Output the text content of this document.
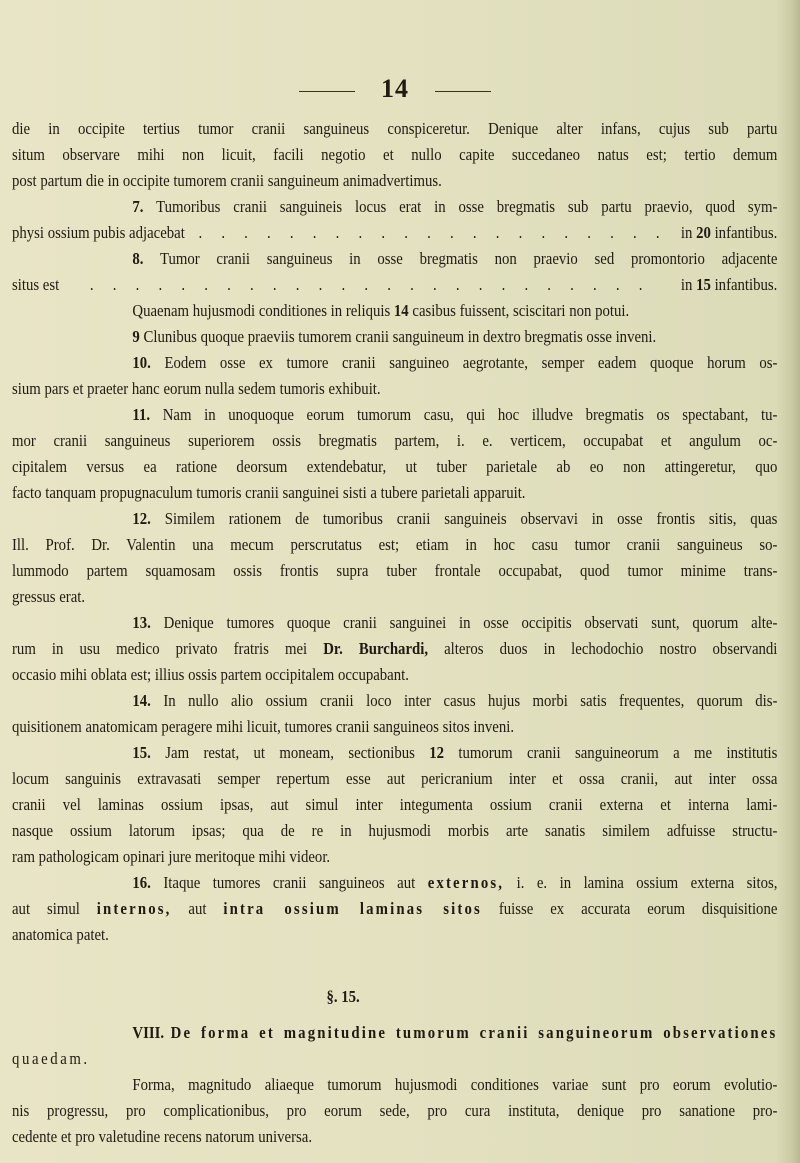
14
die in occipite tertius tumor cranii sanguineus conspiceretur. Denique alter infans, cujus sub partu
situm observare mihi non licuit, facili negotio et nullo capite succedaneo natus est; tertio demum
post partum die in occipite tumorem cranii sanguineum animadvertimus.
7. Tumoribus cranii sanguineis locus erat in osse bregmatis sub partu praevio, quod sym-
physi ossium pubis adjacebat . . . . . . . . . . . . . . . . . . . . . in 20 infantibus.
8. Tumor cranii sanguineus in osse bregmatis non praevio sed promontorio adjacente
situs est . . . . . . . . . . . . . . . . . . . . . . . . . in 15 infantibus.
Quaenam hujusmodi conditiones in reliquis 14 casibus fuissent, sciscitari non potui.
9 Clunibus quoque praeviis tumorem cranii sanguineum in dextro bregmatis osse inveni.
10. Eodem osse ex tumore cranii sanguineo aegrotante, semper eadem quoque horum os-
sium pars et praeter hanc eorum nulla sedem tumoris exhibuit.
11. Nam in unoquoque eorum tumorum casu, qui hoc illudve bregmatis os spectabant, tu-
mor cranii sanguineus superiorem ossis bregmatis partem, i. e. verticem, occupabat et angulum oc-
cipitalem versus ea ratione deorsum extendebatur, ut tuber parietale ab eo non attingeretur, quo
facto tanquam propugnaculum tumoris cranii sanguinei sisti a tubere parietali apparuit.
12. Similem rationem de tumoribus cranii sanguineis observavi in osse frontis sitis, quas
Ill. Prof. Dr. Valentin una mecum perscrutatus est; etiam in hoc casu tumor cranii sanguineus so-
lummodo partem squamosam ossis frontis supra tuber frontale occupabat, quod tumor minime trans-
gressus erat.
13. Denique tumores quoque cranii sanguinei in osse occipitis observati sunt, quorum alte-
rum in usu medico privato fratris mei Dr. Burchardi, alteros duos in lechodochio nostro observandi
occasio mihi oblata est; illius ossis partem occipitalem occupabant.
14. In nullo alio ossium cranii loco inter casus hujus morbi satis frequentes, quorum dis-
quisitionem anatomicam peragere mihi licuit, tumores cranii sanguineos sitos inveni.
15. Jam restat, ut moneam, sectionibus 12 tumorum cranii sanguineorum a me institutis
locum sanguinis extravasati semper repertum esse aut pericranium inter et ossa cranii, aut inter ossa
cranii vel laminas ossium ipsas, aut simul inter integumenta ossium cranii externa et interna lami-
nasque ossium latorum ipsas; qua de re in hujusmodi morbis arte sanatis similem adfuisse structu-
ram pathologicam opinari jure meritoque mihi videor.
16. Itaque tumores cranii sanguineos aut externos, i. e. in lamina ossium externa sitos,
aut simul internos, aut intra ossium laminas sitos fuisse ex accurata eorum disquisitione
anatomica patet.
§. 15.
VIII. De forma et magnitudine tumorum cranii sanguineorum observationes
quaedam.
Forma, magnitudo aliaeque tumorum hujusmodi conditiones variae sunt pro eorum evolutio-
nis progressu, pro complicationibus, pro eorum sede, pro cura instituta, denique pro sanatione pro-
cedente et pro valetudine recens natorum universa.
